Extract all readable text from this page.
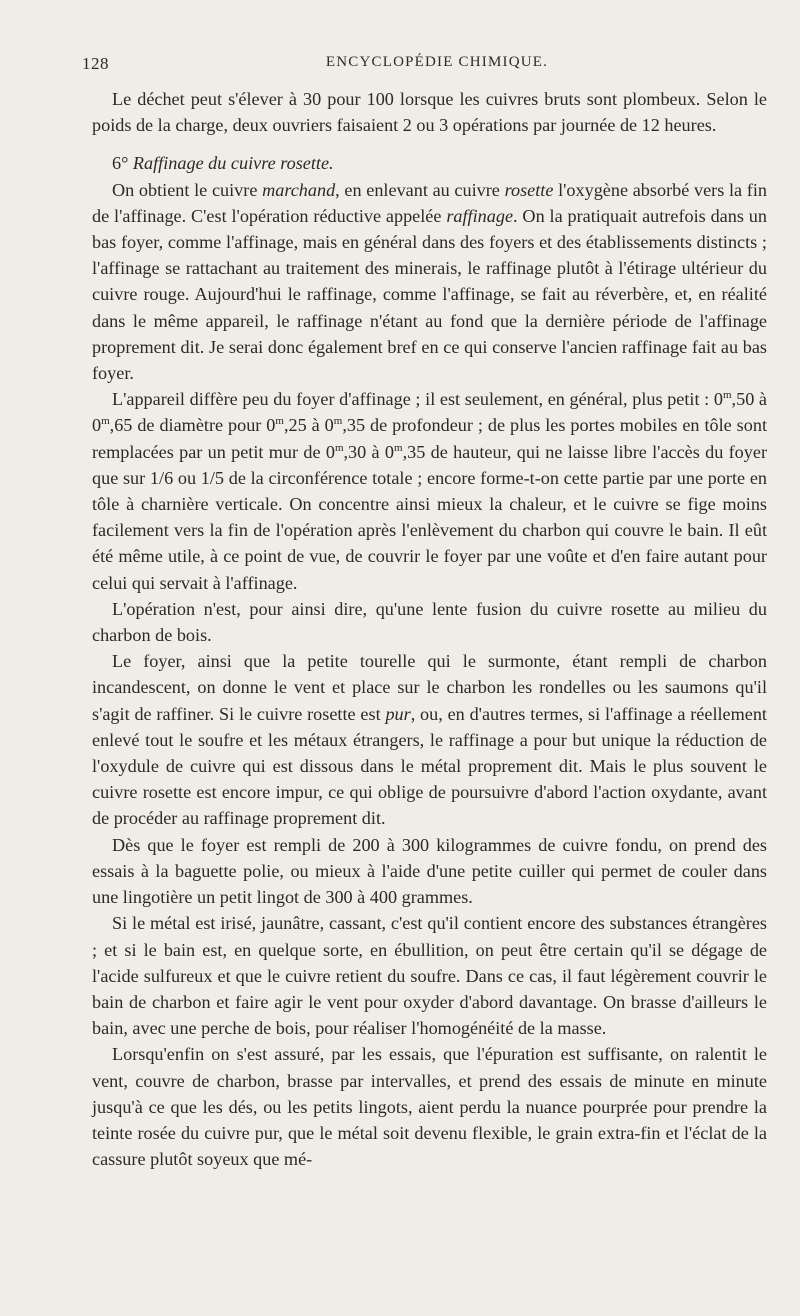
128	ENCYCLOPÉDIE CHIMIQUE.

Le déchet peut s'élever à 30 pour 100 lorsque les cuivres bruts sont plombeux. Selon le poids de la charge, deux ouvriers faisaient 2 ou 3 opérations par journée de 12 heures.

6° Raffinage du cuivre rosette.

On obtient le cuivre marchand, en enlevant au cuivre rosette l'oxygène absorbé vers la fin de l'affinage. C'est l'opération réductive appelée raffinage. On la pratiquait autrefois dans un bas foyer, comme l'affinage, mais en général dans des foyers et des établissements distincts ; l'affinage se rattachant au traitement des minerais, le raffinage plutôt à l'étirage ultérieur du cuivre rouge. Aujourd'hui le raffinage, comme l'affinage, se fait au réverbère, et, en réalité dans le même appareil, le raffinage n'étant au fond que la dernière période de l'affinage proprement dit. Je serai donc également bref en ce qui conserve l'ancien raffinage fait au bas foyer.

L'appareil diffère peu du foyer d'affinage ; il est seulement, en général, plus petit : 0$^m$,50 à 0$^m$,65 de diamètre pour 0$^m$,25 à 0$^m$,35 de profondeur ; de plus les portes mobiles en tôle sont remplacées par un petit mur de 0$^m$,30 à 0$^m$,35 de hauteur, qui ne laisse libre l'accès du foyer que sur 1/6 ou 1/5 de la circonférence totale ; encore forme-t-on cette partie par une porte en tôle à charnière verticale. On concentre ainsi mieux la chaleur, et le cuivre se fige moins facilement vers la fin de l'opération après l'enlèvement du charbon qui couvre le bain. Il eût été même utile, à ce point de vue, de couvrir le foyer par une voûte et d'en faire autant pour celui qui servait à l'affinage.

L'opération n'est, pour ainsi dire, qu'une lente fusion du cuivre rosette au milieu du charbon de bois.

Le foyer, ainsi que la petite tourelle qui le surmonte, étant rempli de charbon incandescent, on donne le vent et place sur le charbon les rondelles ou les saumons qu'il s'agit de raffiner. Si le cuivre rosette est pur, ou, en d'autres termes, si l'affinage a réellement enlevé tout le soufre et les métaux étrangers, le raffinage a pour but unique la réduction de l'oxydule de cuivre qui est dissous dans le métal proprement dit. Mais le plus souvent le cuivre rosette est encore impur, ce qui oblige de poursuivre d'abord l'action oxydante, avant de procéder au raffinage proprement dit.

Dès que le foyer est rempli de 200 à 300 kilogrammes de cuivre fondu, on prend des essais à la baguette polie, ou mieux à l'aide d'une petite cuiller qui permet de couler dans une lingotière un petit lingot de 300 à 400 grammes.

Si le métal est irisé, jaunâtre, cassant, c'est qu'il contient encore des substances étrangères ; et si le bain est, en quelque sorte, en ébullition, on peut être certain qu'il se dégage de l'acide sulfureux et que le cuivre retient du soufre. Dans ce cas, il faut légèrement couvrir le bain de charbon et faire agir le vent pour oxyder d'abord davantage. On brasse d'ailleurs le bain, avec une perche de bois, pour réaliser l'homogénéité de la masse.

Lorsqu'enfin on s'est assuré, par les essais, que l'épuration est suffisante, on ralentit le vent, couvre de charbon, brasse par intervalles, et prend des essais de minute en minute jusqu'à ce que les dés, ou les petits lingots, aient perdu la nuance pourprée pour prendre la teinte rosée du cuivre pur, que le métal soit devenu flexible, le grain extra-fin et l'éclat de la cassure plutôt soyeux que mé-
